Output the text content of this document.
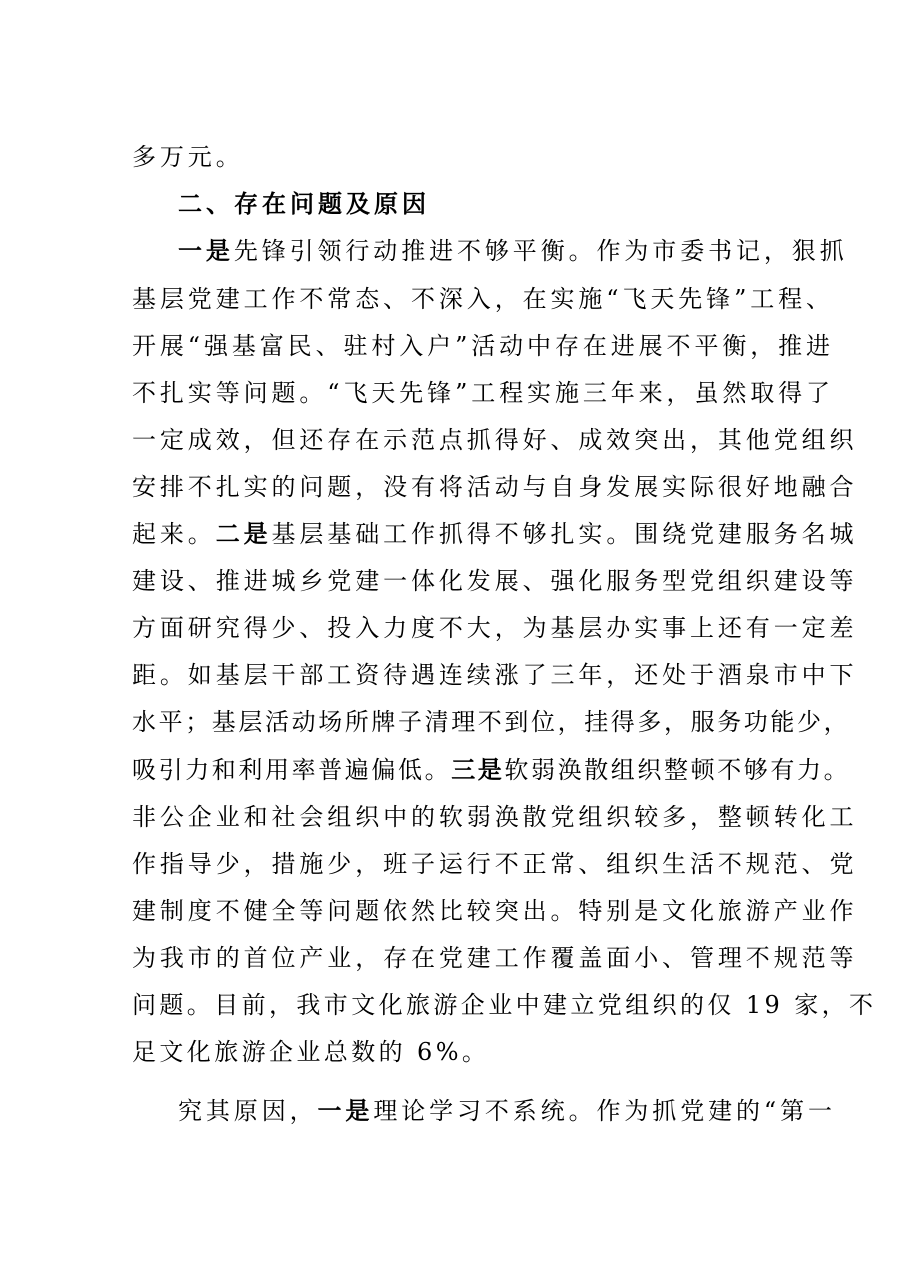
多万元。
二、存在问题及原因
一是先锋引领行动推进不够平衡。作为市委书记，狠抓
基层党建工作不常态、不深入，在实施“飞天先锋”工程、
开展“强基富民、驻村入户”活动中存在进展不平衡，推进
不扎实等问题。“飞天先锋”工程实施三年来，虽然取得了
一定成效，但还存在示范点抓得好、成效突出，其他党组织
安排不扎实的问题，没有将活动与自身发展实际很好地融合
起来。二是基层基础工作抓得不够扎实。围绕党建服务名城
建设、推进城乡党建一体化发展、强化服务型党组织建设等
方面研究得少、投入力度不大，为基层办实事上还有一定差
距。如基层干部工资待遇连续涨了三年，还处于酒泉市中下
水平；基层活动场所牌子清理不到位，挂得多，服务功能少，
吸引力和利用率普遍偏低。三是软弱涣散组织整顿不够有力。
非公企业和社会组织中的软弱涣散党组织较多，整顿转化工
作指导少，措施少，班子运行不正常、组织生活不规范、党
建制度不健全等问题依然比较突出。特别是文化旅游产业作
为我市的首位产业，存在党建工作覆盖面小、管理不规范等
问题。目前，我市文化旅游企业中建立党组织的仅 19 家，不
足文化旅游企业总数的 6%。
究其原因，一是理论学习不系统。作为抓党建的“第一
